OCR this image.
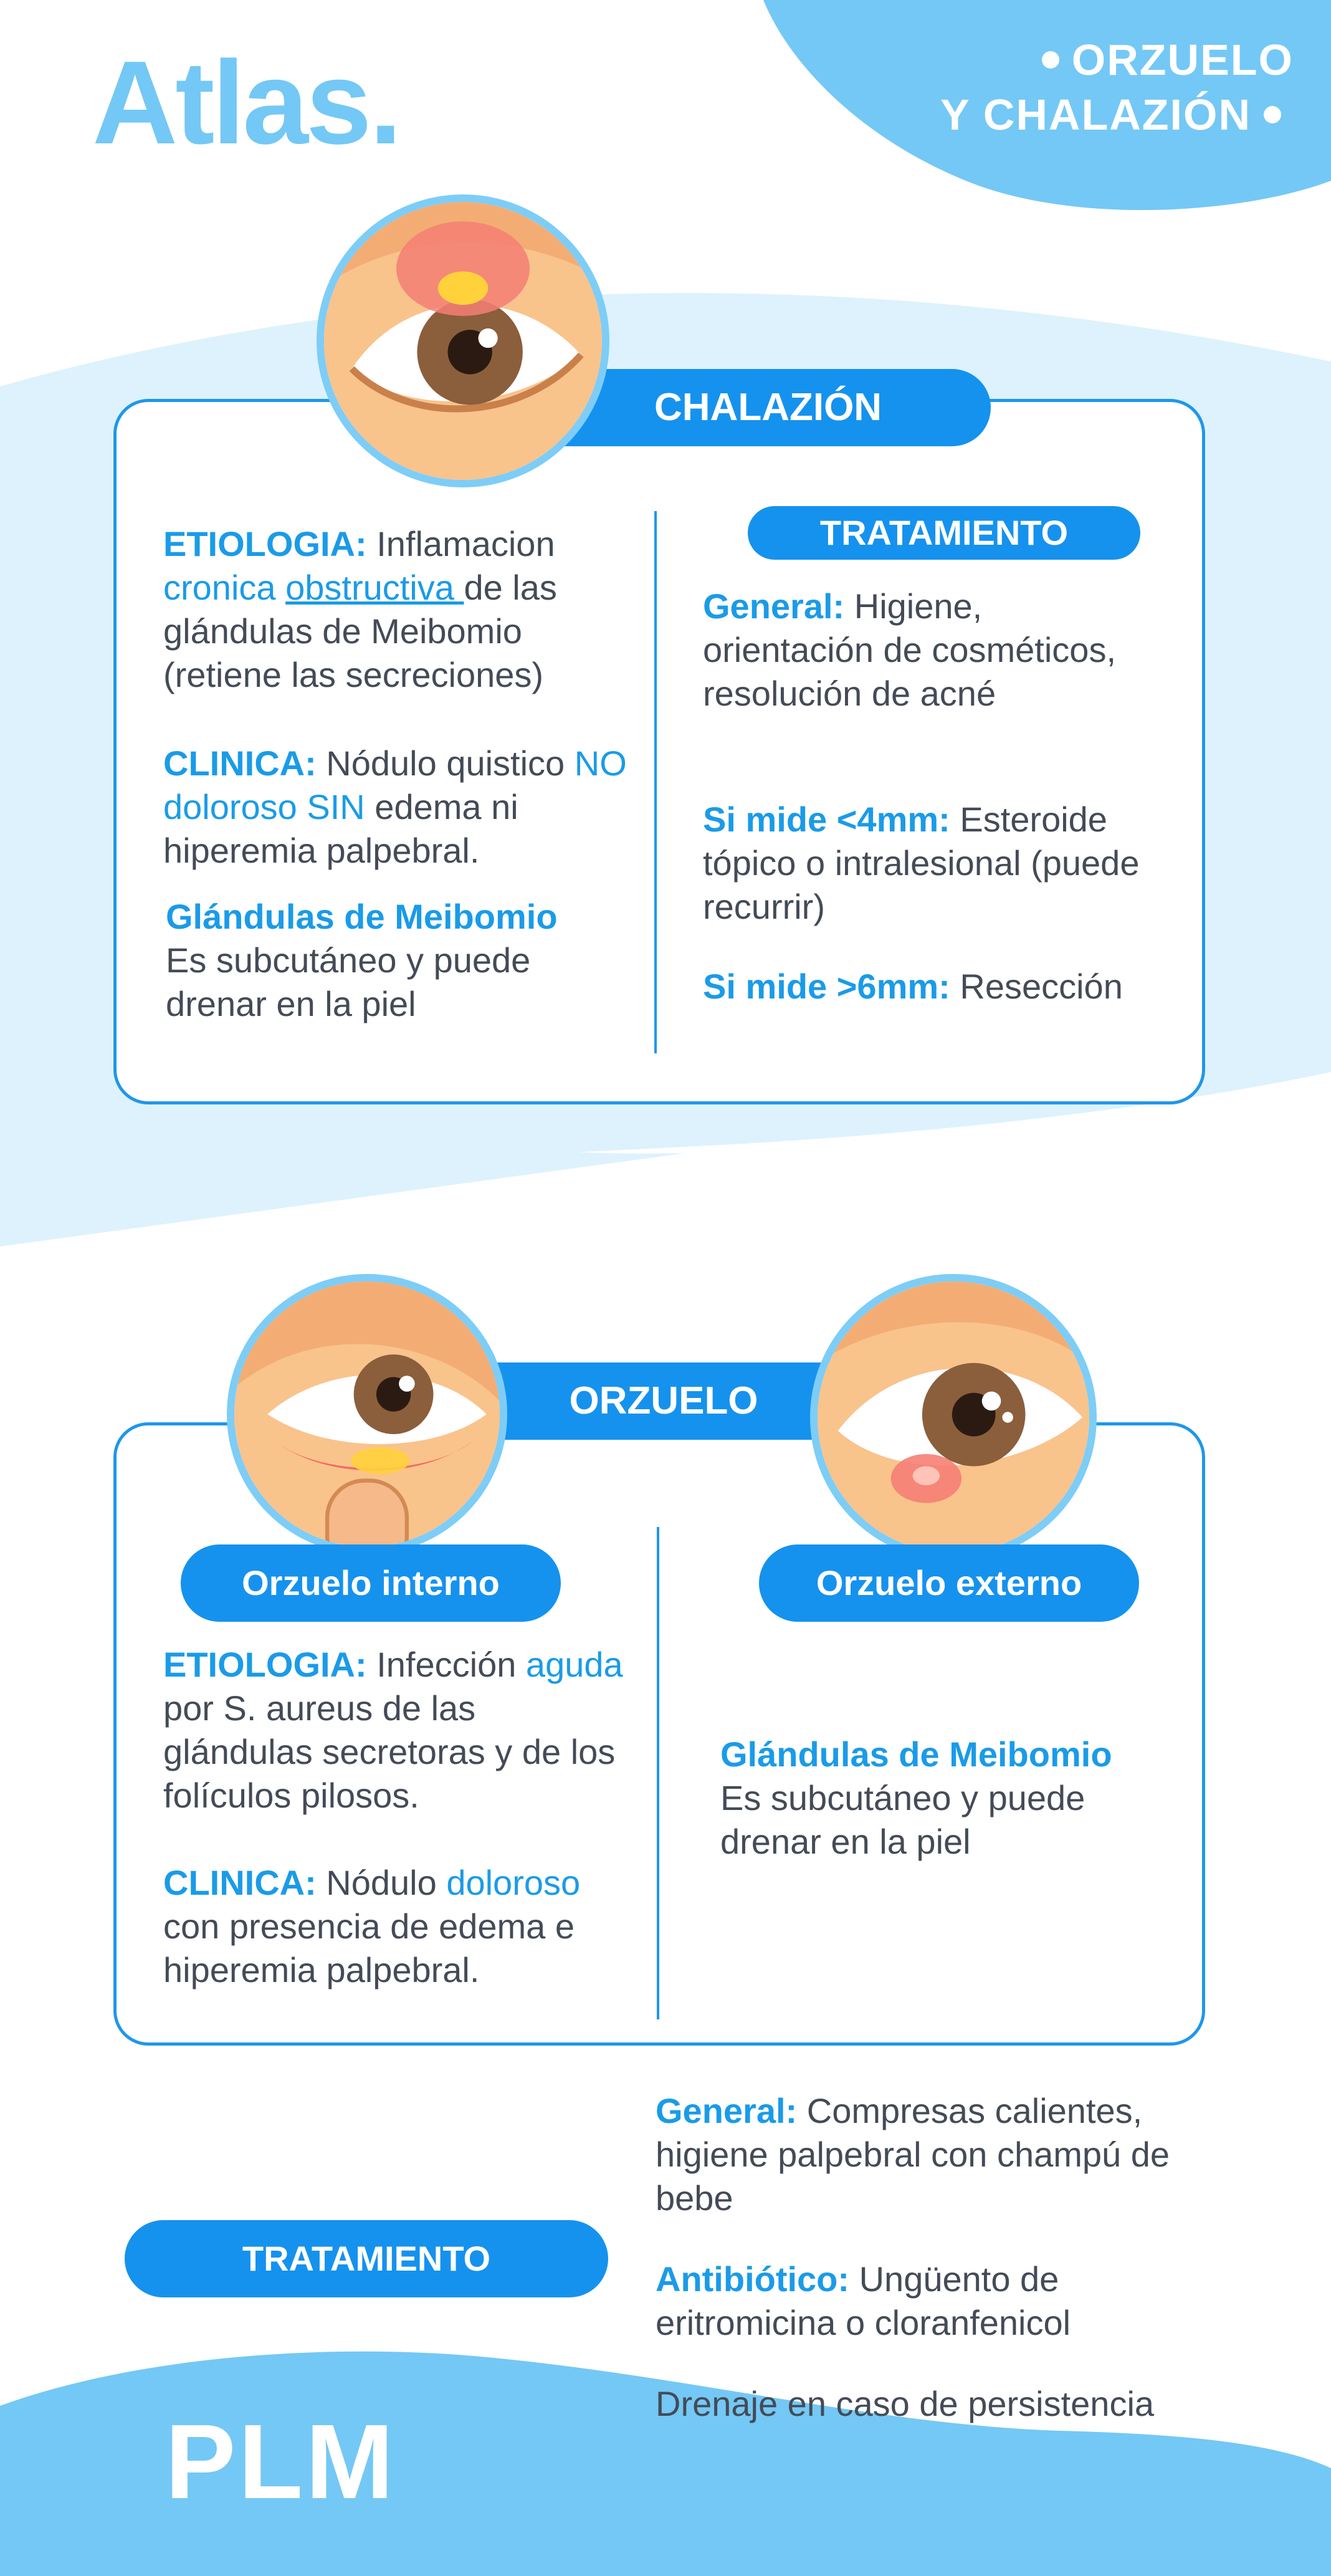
Atlas.	ORZUELO
Y CHALAZIÓN
CHALAZIÓN
ETIOLOGIA: Inflamacion cronica obstructiva de las glándulas de Meibomio (retiene las secreciones)
CLINICA: Nódulo quistico NO doloroso SIN edema ni hiperemia palpebral.

Glándulas de Meibomio

Es subcutáneo y puede drenar en la piel

TRATAMIENTO
General: Higiene, orientación de cosméticos, resolución de acné
Si mide <4mm: Esteroide tópico o intralesional (puede recurrir)
Si mide >6mm: Resección
ORZUELO
Orzuelo interno	Orzuelo externo
ETIOLOGIA: Infección aguda por S. aureus de las glándulas secretoras y de los folículos pilosos.
CLINICA: Nódulo doloroso con presencia de edema e hiperemia palpebral.

Glándulas de Meibomio

Es subcutáneo y puede drenar en la piel

TRATAMIENTO
General: Compresas calientes, higiene palpebral con champú de bebe
Antibiótico: Ungüento de eritromicina o cloranfenicol
Drenaje en caso de persistencia
PLM
